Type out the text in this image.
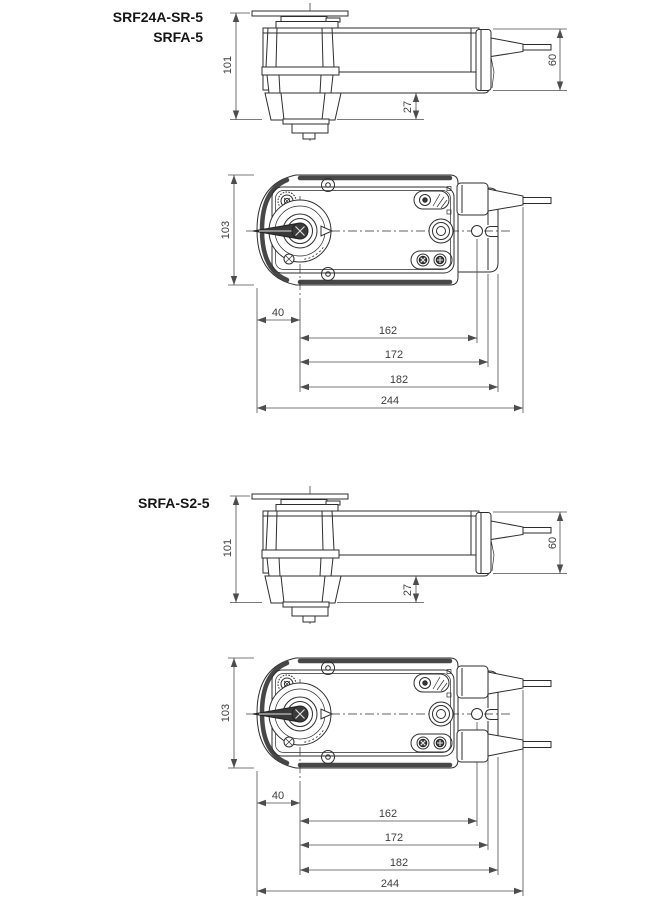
SRF24A-SR-5
SRFA-5
101	60
27
103
40
162
172
182
244
SRFA-S2-5
101	60
27
103
40
162
172
182
244
